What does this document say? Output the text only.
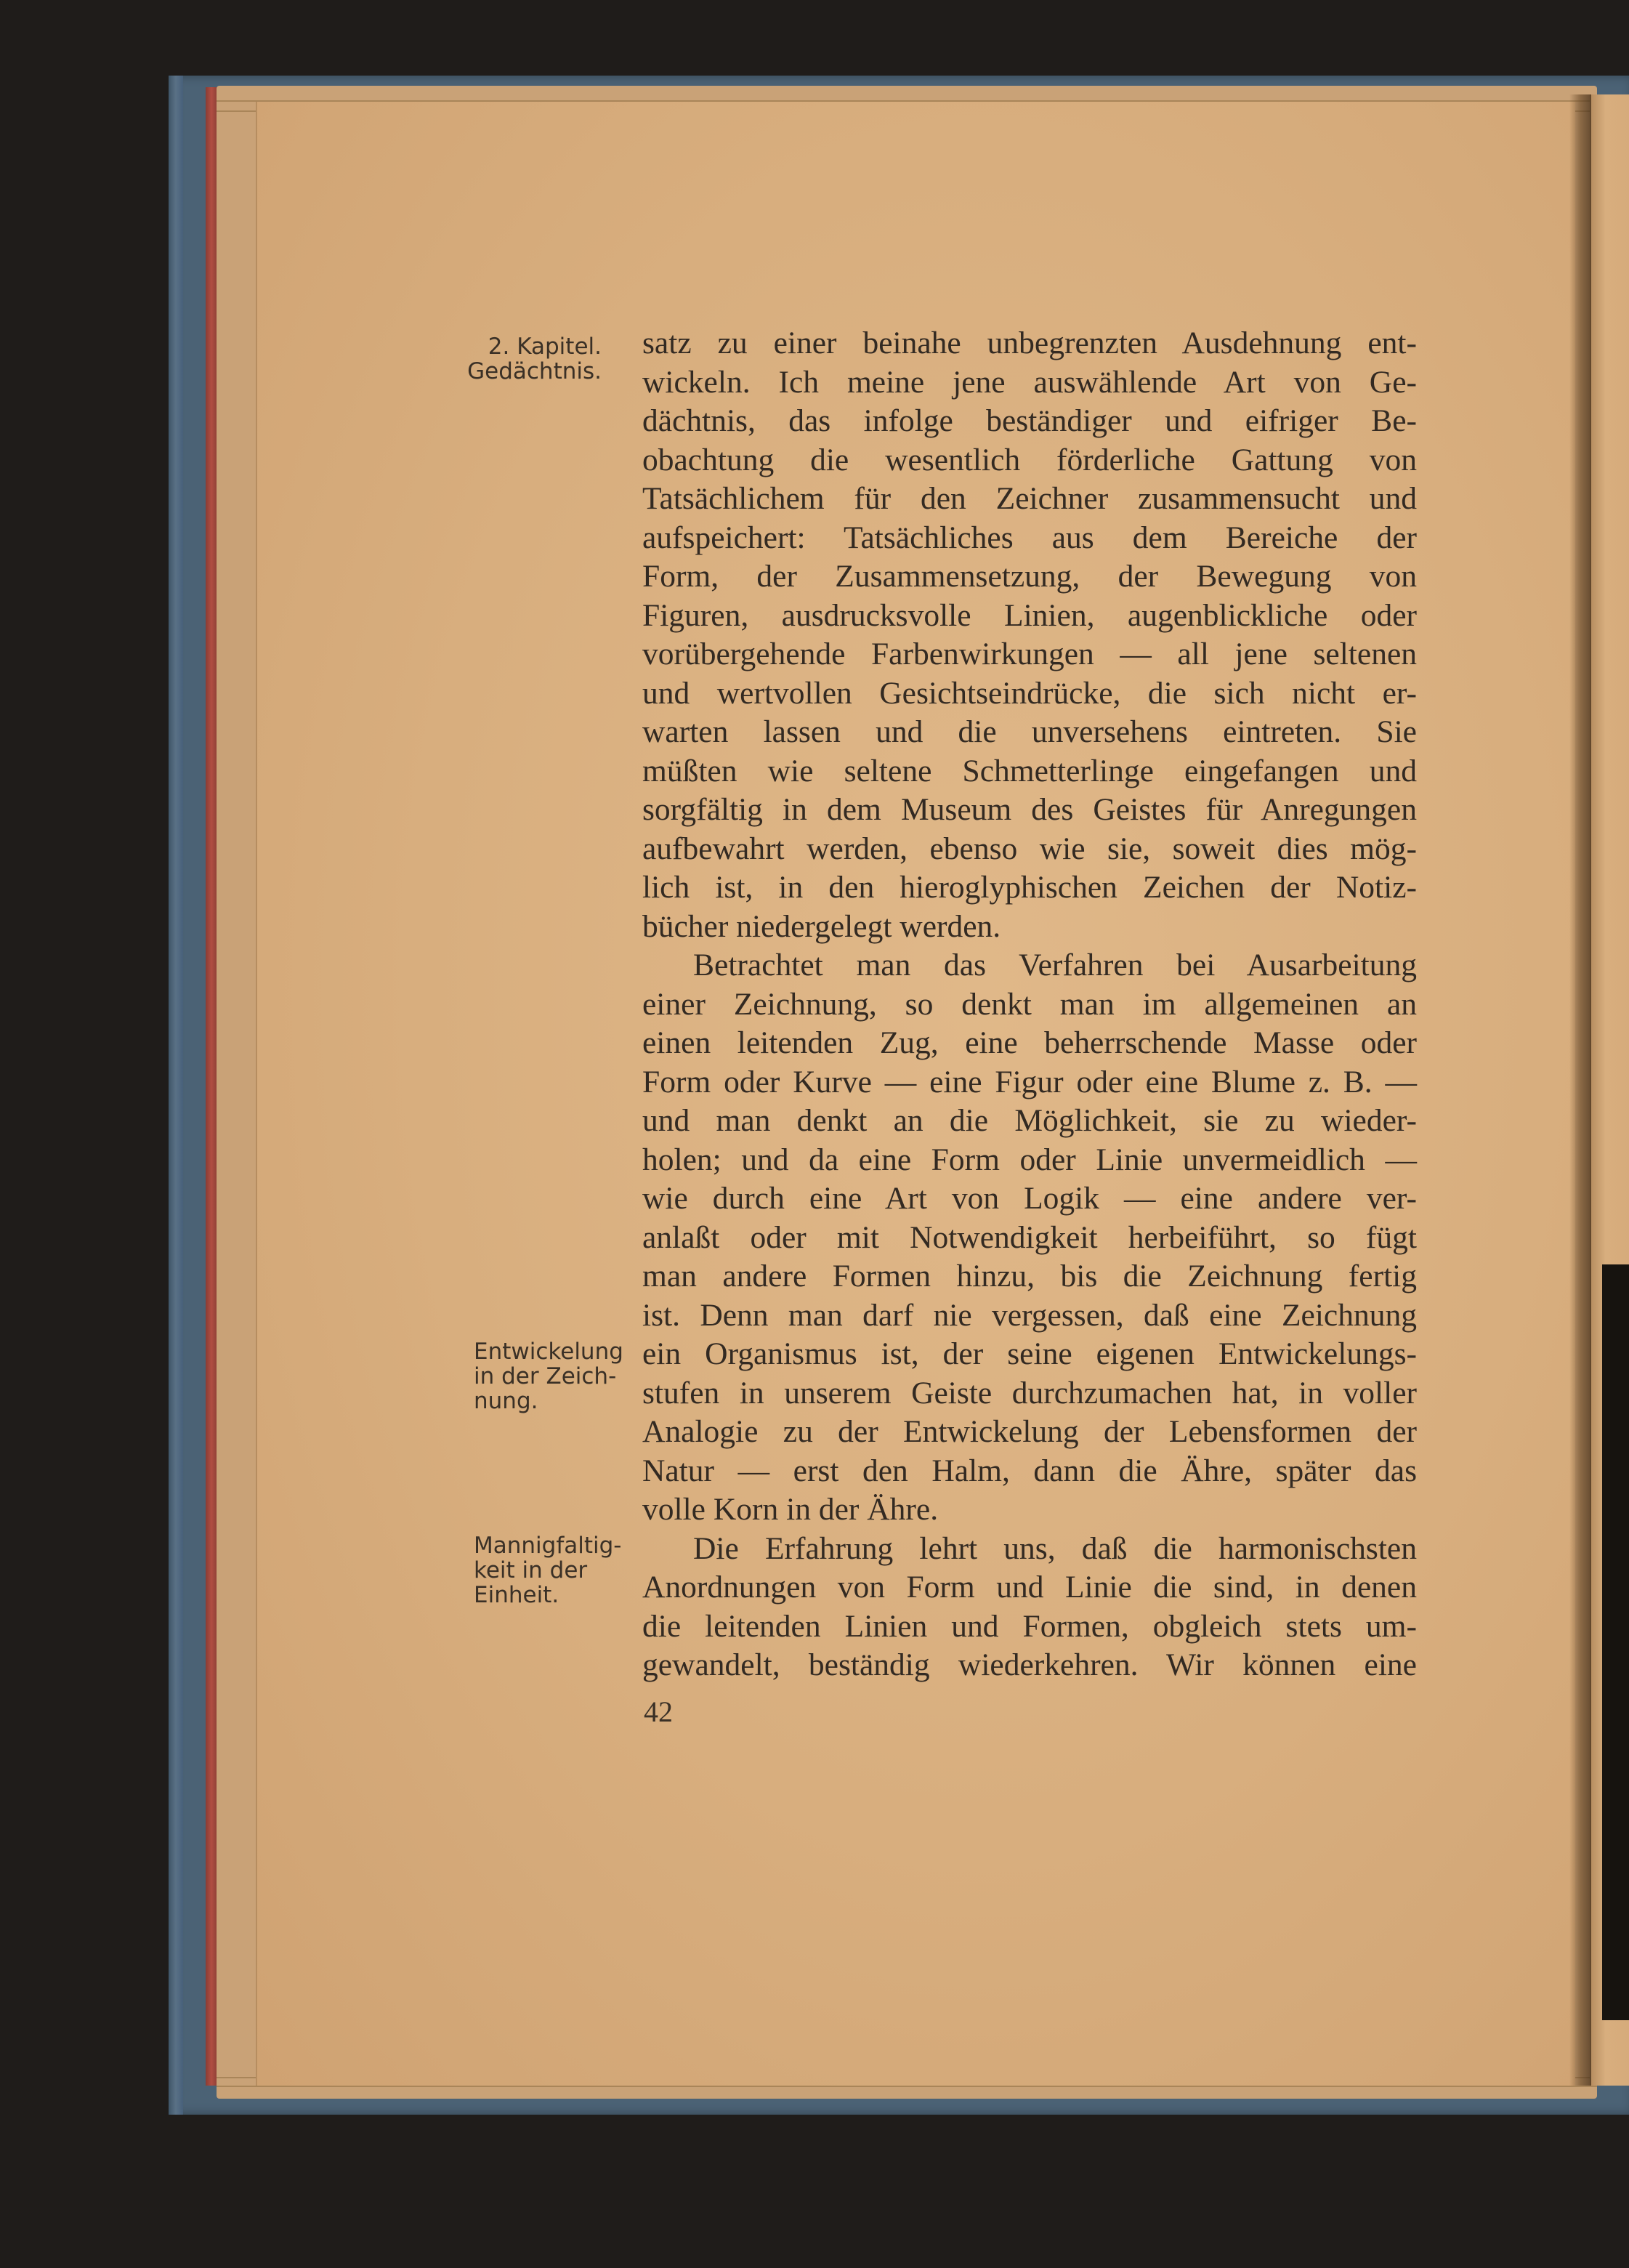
2. Kapitel.
Gedächtnis.
Entwickelung
in der Zeich-
nung.
Mannigfaltig-
keit in der
Einheit.
satz zu einer beinahe unbegrenzten Ausdehnung ent-
wickeln. Ich meine jene auswählende Art von Ge-
dächtnis, das infolge beständiger und eifriger Be-
obachtung die wesentlich förderliche Gattung von
Tatsächlichem für den Zeichner zusammensucht und
aufspeichert: Tatsächliches aus dem Bereiche der
Form, der Zusammensetzung, der Bewegung von
Figuren, ausdrucksvolle Linien, augenblickliche oder
vorübergehende Farbenwirkungen — all jene seltenen
und wertvollen Gesichtseindrücke, die sich nicht er-
warten lassen und die unversehens eintreten. Sie
müßten wie seltene Schmetterlinge eingefangen und
sorgfältig in dem Museum des Geistes für Anregungen
aufbewahrt werden, ebenso wie sie, soweit dies mög-
lich ist, in den hieroglyphischen Zeichen der Notiz-
bücher niedergelegt werden.
Betrachtet man das Verfahren bei Ausarbeitung
einer Zeichnung, so denkt man im allgemeinen an
einen leitenden Zug, eine beherrschende Masse oder
Form oder Kurve — eine Figur oder eine Blume z. B. —
und man denkt an die Möglichkeit, sie zu wieder-
holen; und da eine Form oder Linie unvermeidlich —
wie durch eine Art von Logik — eine andere ver-
anlaßt oder mit Notwendigkeit herbeiführt, so fügt
man andere Formen hinzu, bis die Zeichnung fertig
ist. Denn man darf nie vergessen, daß eine Zeichnung
ein Organismus ist, der seine eigenen Entwickelungs-
stufen in unserem Geiste durchzumachen hat, in voller
Analogie zu der Entwickelung der Lebensformen der
Natur — erst den Halm, dann die Ähre, später das
volle Korn in der Ähre.
Die Erfahrung lehrt uns, daß die harmonischsten
Anordnungen von Form und Linie die sind, in denen
die leitenden Linien und Formen, obgleich stets um-
gewandelt, beständig wiederkehren. Wir können eine
42
